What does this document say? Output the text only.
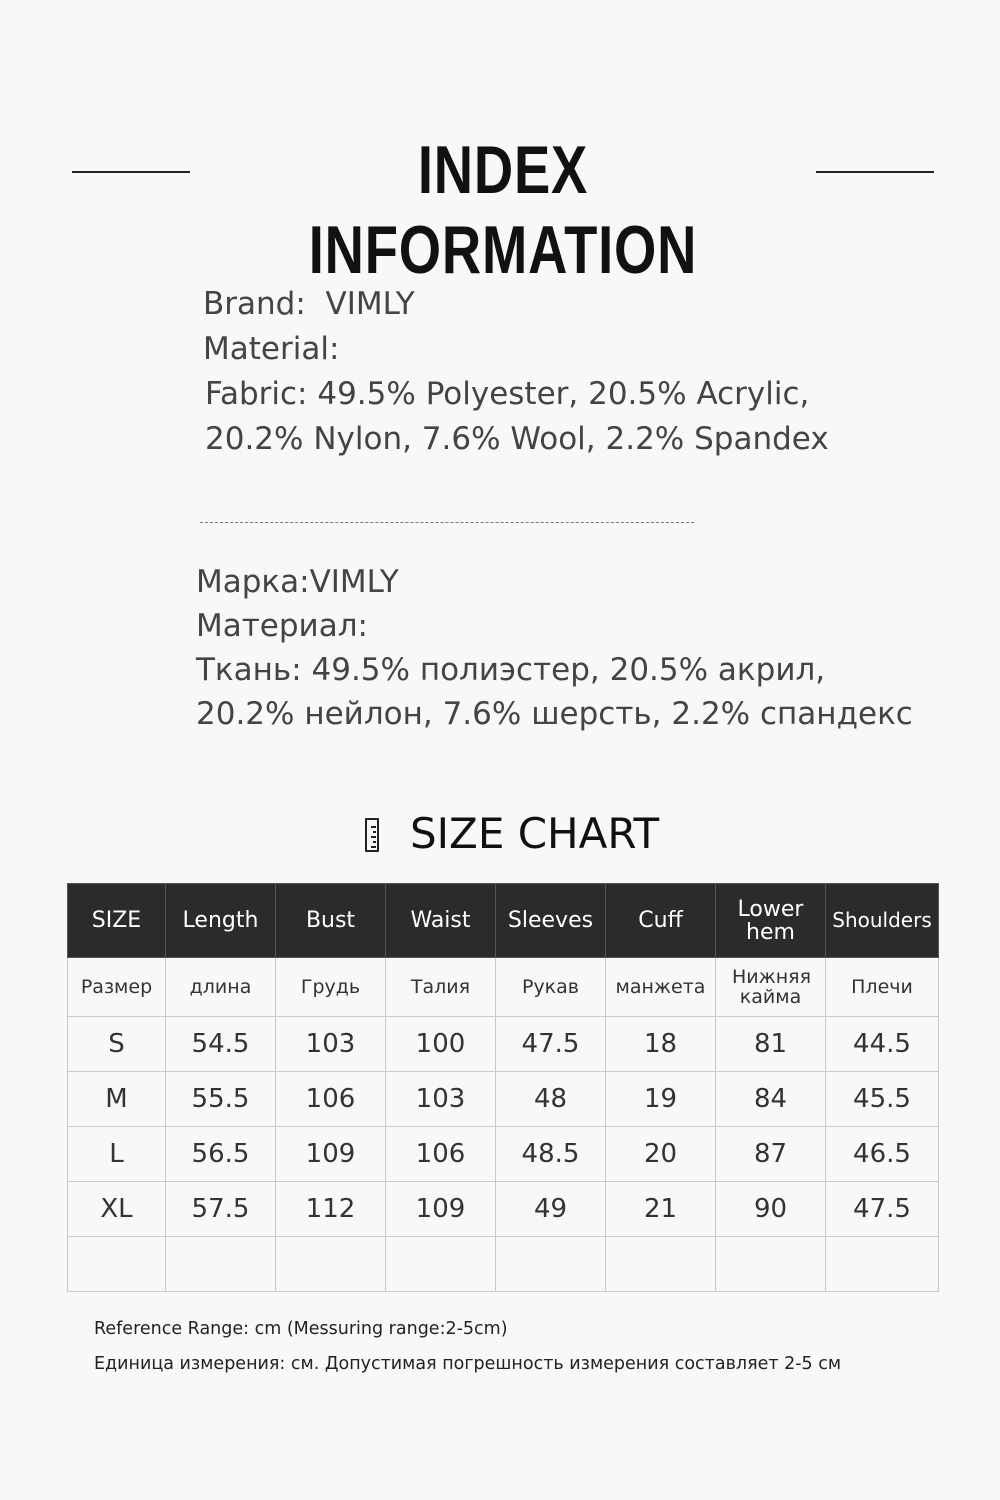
INDEX INFORMATION
Brand:  VIMLY
Material:
Fabric: 49.5% Polyester, 20.5% Acrylic,
20.2% Nylon, 7.6% Wool, 2.2% Spandex
Марка:VIMLY
Материал:
Ткань: 49.5% полиэстер, 20.5% акрил,
20.2% нейлон, 7.6% шерсть, 2.2% спандекс
SIZE CHART
SIZE	Length	Bust	Waist	Sleeves	Cuff	Lower hem	Shoulders
Размер	длина	Грудь	Талия	Рукав	манжета	Нижняя кайма	Плечи
S	54.5	103	100	47.5	18	81	44.5
M	55.5	106	103	48	19	84	45.5
L	56.5	109	106	48.5	20	87	46.5
XL	57.5	112	109	49	21	90	47.5

Reference Range: cm (Messuring range:2-5cm)
Единица измерения: см. Допустимая погрешность измерения составляет 2-5 см
